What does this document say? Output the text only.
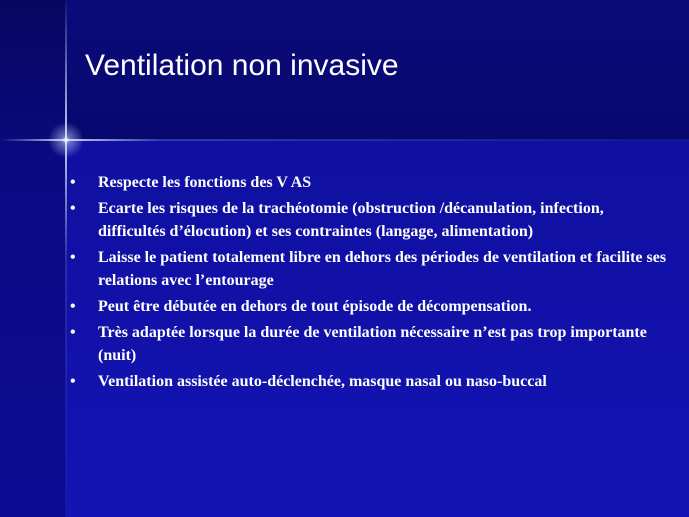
Ventilation non invasive
•	Respecte les fonctions des V AS
•	Ecarte les risques de la trachéotomie (obstruction /décanulation, infection, difficultés d’élocution) et ses contraintes (langage, alimentation)
•	Laisse le patient totalement libre en dehors des périodes de ventilation et facilite ses relations avec l’entourage
•	Peut être débutée en dehors de tout épisode de décompensation.
•	Très adaptée lorsque la durée de ventilation nécessaire n’est pas trop importante (nuit)
•	Ventilation assistée auto-déclenchée, masque nasal ou naso-buccal
